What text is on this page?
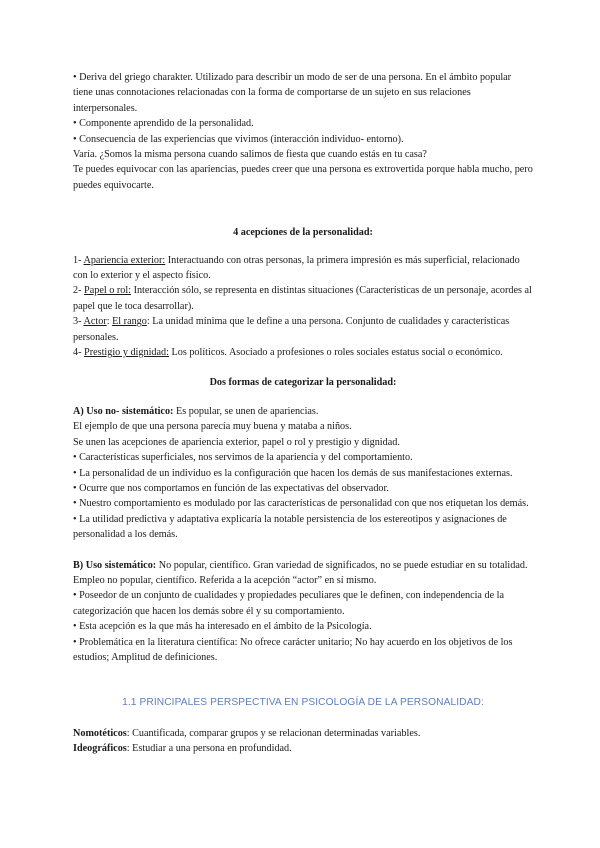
• Deriva del griego charakter. Utilizado para describir un modo de ser de una persona. En el ámbito popular tiene unas connotaciones relacionadas con la forma de comportarse de un sujeto en sus relaciones interpersonales.

• Componente aprendido de la personalidad.

• Consecuencia de las experiencias que vivimos (interacción individuo- entorno).

Varía. ¿Somos la misma persona cuando salimos de fiesta que cuando estás en tu casa?

Te puedes equivocar con las apariencias, puedes creer que una persona es extrovertida porque habla mucho, pero puedes equivocarte.

4 acepciones de la personalidad:

1- Apariencia exterior: Interactuando con otras personas, la primera impresión es más superficial, relacionado con lo exterior y el aspecto físico.

2- Papel o rol: Interacción sólo, se representa en distintas situaciones (Características de un personaje, acordes al papel que le toca desarrollar).

3- Actor: El rango: La unidad mínima que le define a una persona. Conjunto de cualidades y características personales.

4- Prestigio y dignidad: Los políticos. Asociado a profesiones o roles sociales estatus social o económico.

Dos formas de categorizar la personalidad:

A) Uso no- sistemático: Es popular, se unen de apariencias.

El ejemplo de que una persona parecía muy buena y mataba a niños.

Se unen las acepciones de apariencia exterior, papel o rol y prestigio y dignidad.

• Características superficiales, nos servimos de la apariencia y del comportamiento.

• La personalidad de un individuo es la configuración que hacen los demás de sus manifestaciones externas.

• Ocurre que nos comportamos en función de las expectativas del observador.

• Nuestro comportamiento es modulado por las características de personalidad con que nos etiquetan los demás.

• La utilidad predictiva y adaptativa explicaría la notable persistencia de los estereotipos y asignaciones de personalidad a los demás.

B) Uso sistemático: No popular, científico. Gran variedad de significados, no se puede estudiar en su totalidad. Empleo no popular, científico. Referida a la acepción “actor” en sí mismo.

• Poseedor de un conjunto de cualidades y propiedades peculiares que le definen, con independencia de la categorización que hacen los demás sobre él y su comportamiento.

• Esta acepción es la que más ha interesado en el ámbito de la Psicología.

• Problemática en la literatura científica: No ofrece carácter unitario; No hay acuerdo en los objetivos de los estudios; Amplitud de definiciones.

1.1 PRINCIPALES PERSPECTIVA EN PSICOLOGÍA DE LA PERSONALIDAD:

Nomotéticos: Cuantificada, comparar grupos y se relacionan determinadas variables.

Ideográficos: Estudiar a una persona en profundidad.
